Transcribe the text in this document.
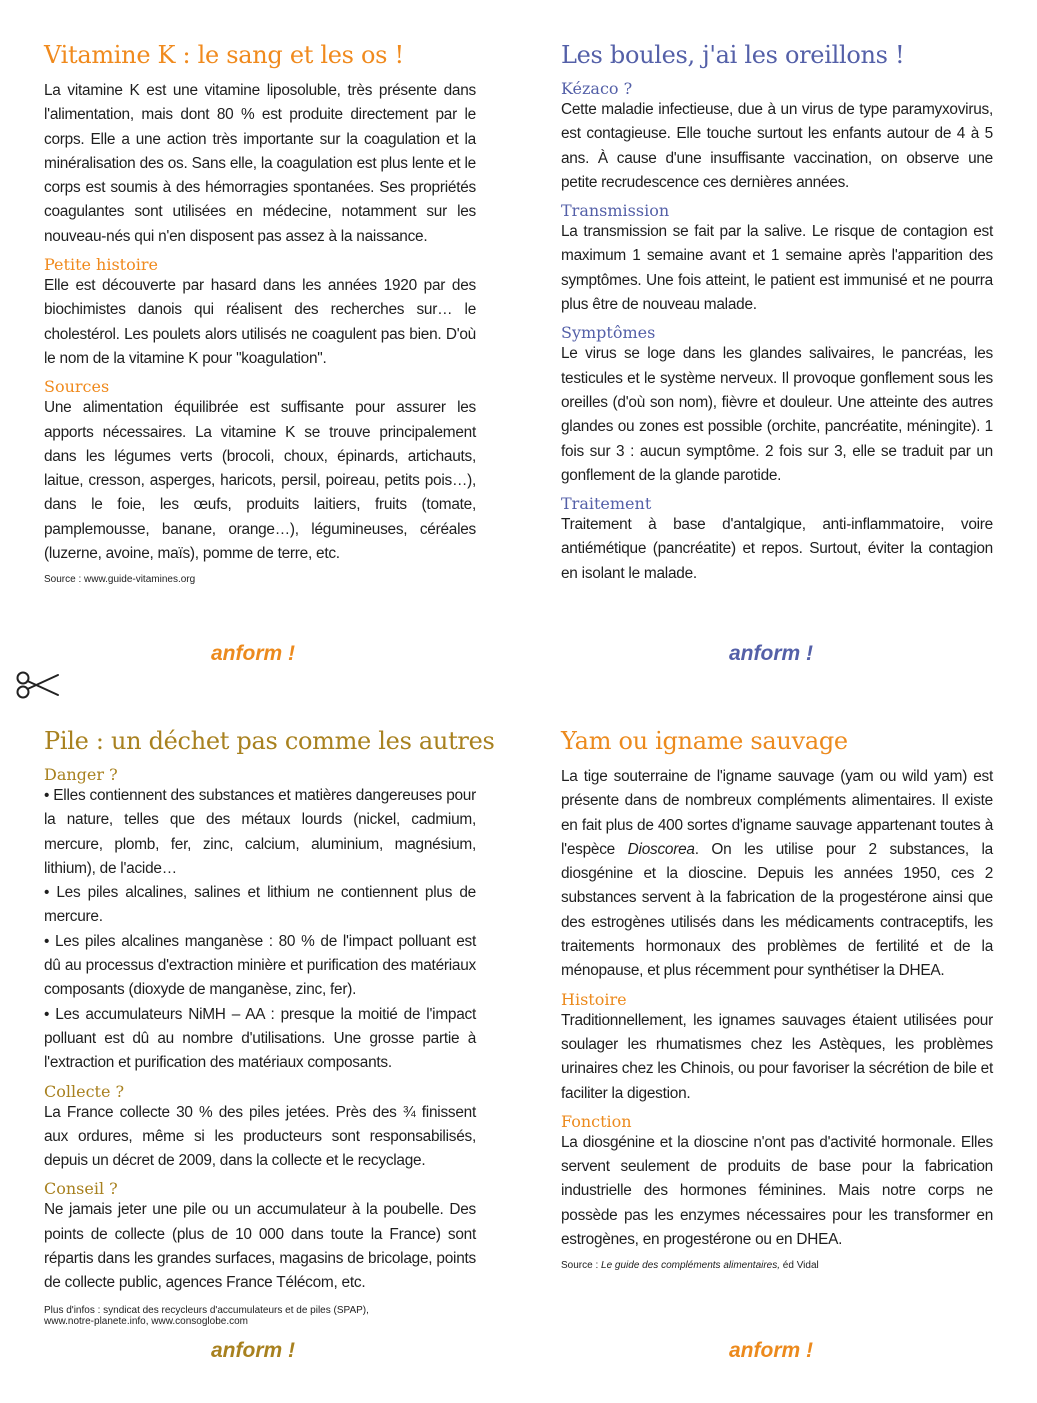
Vitamine K : le sang et les os !

La vitamine K est une vitamine liposoluble, très présente dans l'alimentation, mais dont 80 % est produite directement par le corps. Elle a une action très importante sur la coagulation et la minéralisation des os. Sans elle, la coagulation est plus lente et le corps est soumis à des hémorragies spontanées. Ses propriétés coagulantes sont utilisées en médecine, notamment sur les nouveau-nés qui n'en disposent pas assez à la naissance.

Petite histoire

Elle est découverte par hasard dans les années 1920 par des biochimistes danois qui réalisent des recherches sur… le cholestérol. Les poulets alors utilisés ne coagulent pas bien. D'où le nom de la vitamine K pour "koagulation".

Sources

Une alimentation équilibrée est suffisante pour assurer les apports nécessaires. La vitamine K se trouve principalement dans les légumes verts (brocoli, choux, épinards, artichauts, laitue, cresson, asperges, haricots, persil, poireau, petits pois…), dans le foie, les œufs, produits laitiers, fruits (tomate, pamplemousse, banane, orange…), légumineuses, céréales (luzerne, avoine, maïs), pomme de terre, etc.

Source : www.guide-vitamines.org

Les boules, j'ai les oreillons !
Kézaco ?

Cette maladie infectieuse, due à un virus de type paramyxovirus, est contagieuse. Elle touche surtout les enfants autour de 4 à 5 ans. À cause d'une insuffisante vaccination, on observe une petite recrudescence ces dernières années.

Transmission

La transmission se fait par la salive. Le risque de contagion est maximum 1 semaine avant et 1 semaine après l'apparition des symptômes. Une fois atteint, le patient est immunisé et ne pourra plus être de nouveau malade.

Symptômes

Le virus se loge dans les glandes salivaires, le pancréas, les testicules et le système nerveux. Il provoque gonflement sous les oreilles (d'où son nom), fièvre et douleur. Une atteinte des autres glandes ou zones est possible (orchite, pancréatite, méningite). 1 fois sur 3 : aucun symptôme. 2 fois sur 3, elle se traduit par un gonflement de la glande parotide.

Traitement

Traitement à base d'antalgique, anti-inflammatoire, voire antiémétique (pancréatite) et repos. Surtout, éviter la contagion en isolant le malade.

anform !	anform !
Pile : un déchet pas comme les autres
Danger ?

• Elles contiennent des substances et matières dangereuses pour la nature, telles que des métaux lourds (nickel, cadmium, mercure, plomb, fer, zinc, calcium, aluminium, magnésium, lithium), de l'acide…

• Les piles alcalines, salines et lithium ne contiennent plus de mercure.

• Les piles alcalines manganèse : 80 % de l'impact polluant est dû au processus d'extraction minière et purification des matériaux composants (dioxyde de manganèse, zinc, fer).

• Les accumulateurs NiMH – AA : presque la moitié de l'impact polluant est dû au nombre d'utilisations. Une grosse partie à l'extraction et purification des matériaux composants.

Collecte ?

La France collecte 30 % des piles jetées. Près des ¾ finissent aux ordures, même si les producteurs sont responsabilisés, depuis un décret de 2009, dans la collecte et le recyclage.

Conseil ?

Ne jamais jeter une pile ou un accumulateur à la poubelle. Des points de collecte (plus de 10 000 dans toute la France) sont répartis dans les grandes surfaces, magasins de bricolage, points de collecte public, agences France Télécom, etc.

Plus d'infos : syndicat des recycleurs d'accumulateurs et de piles (SPAP),
www.notre-planete.info, www.consoglobe.com

Yam ou igname sauvage

La tige souterraine de l'igname sauvage (yam ou wild yam) est présente dans de nombreux compléments alimentaires. Il existe en fait plus de 400 sortes d'igname sauvage appartenant toutes à l'espèce Dioscorea. On les utilise pour 2 substances, la diosgénine et la dioscine. Depuis les années 1950, ces 2 substances servent à la fabrication de la progestérone ainsi que des estrogènes utilisés dans les médicaments contraceptifs, les traitements hormonaux des problèmes de fertilité et de la ménopause, et plus récemment pour synthétiser la DHEA.

Histoire

Traditionnellement, les ignames sauvages étaient utilisées pour soulager les rhumatismes chez les Astèques, les problèmes urinaires chez les Chinois, ou pour favoriser la sécrétion de bile et faciliter la digestion.

Fonction

La diosgénine et la dioscine n'ont pas d'activité hormonale. Elles servent seulement de produits de base pour la fabrication industrielle des hormones féminines. Mais notre corps ne possède pas les enzymes nécessaires pour les transformer en estrogènes, en progestérone ou en DHEA.

Source : Le guide des compléments alimentaires, éd Vidal

anform !	anform !
